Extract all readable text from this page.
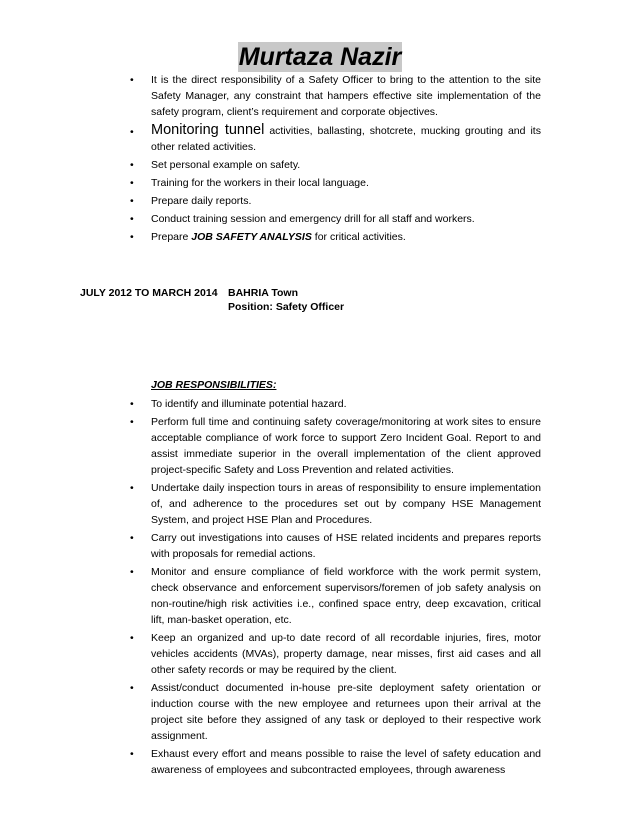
Murtaza Nazir
• It is the direct responsibility of a Safety Officer to bring to the attention to the site Safety Manager, any constraint that hampers effective site implementation of the safety program, client’s requirement and corporate objectives.
• Monitoring tunnel activities, ballasting, shotcrete, mucking grouting and its other related activities.
• Set personal example on safety.
• Training for the workers in their local language.
• Prepare daily reports.
• Conduct training session and emergency drill for all staff and workers.
• Prepare JOB SAFETY ANALYSIS for critical activities.
JULY 2012 TO MARCH 2014 BAHRIA Town
Position: Safety Officer
JOB RESPONSIBILITIES:
• To identify and illuminate potential hazard.
• Perform full time and continuing safety coverage/monitoring at work sites to ensure acceptable compliance of work force to support Zero Incident Goal. Report to and assist immediate superior in the overall implementation of the client approved project-specific Safety and Loss Prevention and related activities.
• Undertake daily inspection tours in areas of responsibility to ensure implementation of, and adherence to the procedures set out by company HSE Management System, and project HSE Plan and Procedures.
• Carry out investigations into causes of HSE related incidents and prepares reports with proposals for remedial actions.
• Monitor and ensure compliance of field workforce with the work permit system, check observance and enforcement supervisors/foremen of job safety analysis on non-routine/high risk activities i.e., confined space entry, deep excavation, critical lift, man-basket operation, etc.
• Keep an organized and up-to date record of all recordable injuries, fires, motor vehicles accidents (MVAs), property damage, near misses, first aid cases and all other safety records or may be required by the client.
• Assist/conduct documented in-house pre-site deployment safety orientation or induction course with the new employee and returnees upon their arrival at the project site before they assigned of any task or deployed to their respective work assignment.
• Exhaust every effort and means possible to raise the level of safety education and awareness of employees and subcontracted employees, through awareness
